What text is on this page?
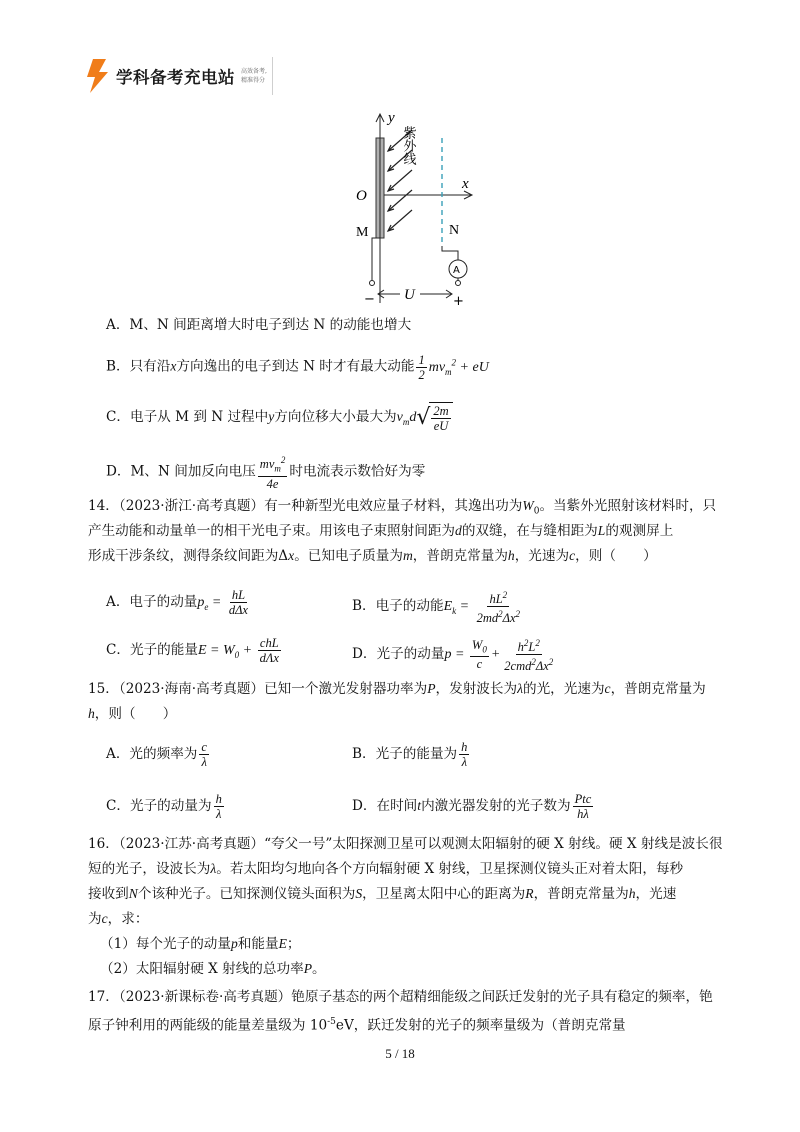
学科备考充电站 高效备考,
精准得分
y
x
O
M	N
紫外线
A
U
−	+
A．M、N 间距离增大时电子到达 N 的动能也增大
B．只有沿x方向逸出的电子到达 N 时才有最大动能 $\frac{1}{2} mv_m^2$ + eU
C．电子从 M 到 N 过程中y方向位移大小最大为$v_md$ √ $\frac{2m}{eU}$
D．M、N 间加反向电压 $\frac{mv_m^2}{4e}$ 时电流表示数恰好为零
14．（2023·浙江·高考真题）有一种新型光电效应量子材料，其逸出功为$W_0$。当紫外光照射该材料时，只
产生动能和动量单一的相干光电子束。用该电子束照射间距为d的双缝，在与缝相距为L的观测屏上
形成干涉条纹，测得条纹间距为Δx。已知电子质量为m，普朗克常量为h，光速为c，则（　　）
A．电子的动量$p_e = \frac{hL}{\text{dΔx}}$	B．电子的动能$E_k = \frac{hL^2}{2md^2\Delta x^2}$
C．光子的能量$E = W_0 + \frac{\text{chL}}{\text{dΛx}}$	D．光子的动量$p = \frac{W_0}{c} + \frac{h^2L^2}{2cmd^2\Delta x^2}$
15．（2023·海南·高考真题）已知一个激光发射器功率为P，发射波长为λ的光，光速为c，普朗克常量为
h，则（　　）
A．光的频率为 $\frac{c}{\lambda}$	B．光子的能量为 $\frac{h}{\lambda}$
C．光子的动量为 $\frac{h}{\lambda}$	D．在时间t内激光器发射的光子数为 $\frac{\text{Ptc}}{h\lambda}$
16．（2023·江苏·高考真题）“夸父一号”太阳探测卫星可以观测太阳辐射的硬 X 射线。硬 X 射线是波长很
短的光子，设波长为λ。若太阳均匀地向各个方向辐射硬 X 射线，卫星探测仪镜头正对着太阳，每秒
接收到N个该种光子。已知探测仪镜头面积为S，卫星离太阳中心的距离为R，普朗克常量为h，光速
为c，求：
（1）每个光子的动量p和能量E；
（2）太阳辐射硬 X 射线的总功率P。
17．（2023·新课标卷·高考真题）铯原子基态的两个超精细能级之间跃迁发射的光子具有稳定的频率，铯
原子钟利用的两能级的能量差量级为 $10^{-5}eV$，跃迁发射的光子的频率量级为（普朗克常量
5 / 18
